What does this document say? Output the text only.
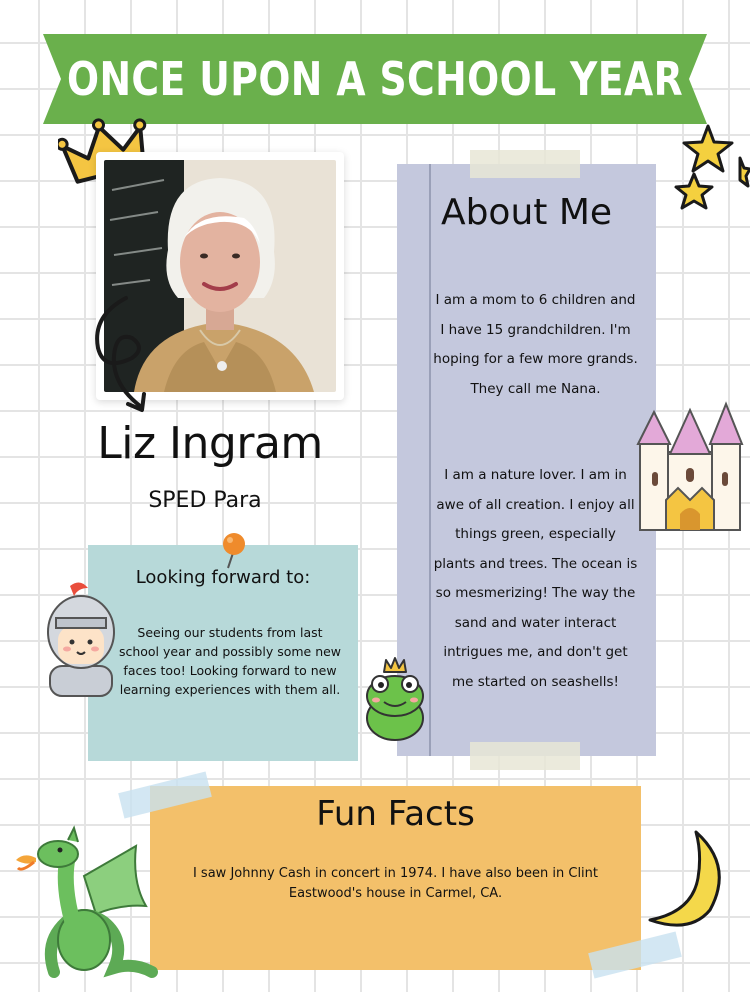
ONCE UPON A SCHOOL YEAR
Liz Ingram
SPED Para
Looking forward to:
Seeing our students from last school year and possibly some new faces too! Looking forward to new learning experiences with them all.
About Me
I am a mom to 6 children and I have 15 grandchildren. I'm hoping for a few more grands. They call me Nana.
I am a nature lover. I am in awe of all creation. I enjoy all things green, especially plants and trees. The ocean is so mesmerizing! The way the sand and water interact intrigues me, and don't get me started on seashells!
Fun Facts
I saw Johnny Cash in concert in 1974. I have also been in Clint Eastwood's house in Carmel, CA.
